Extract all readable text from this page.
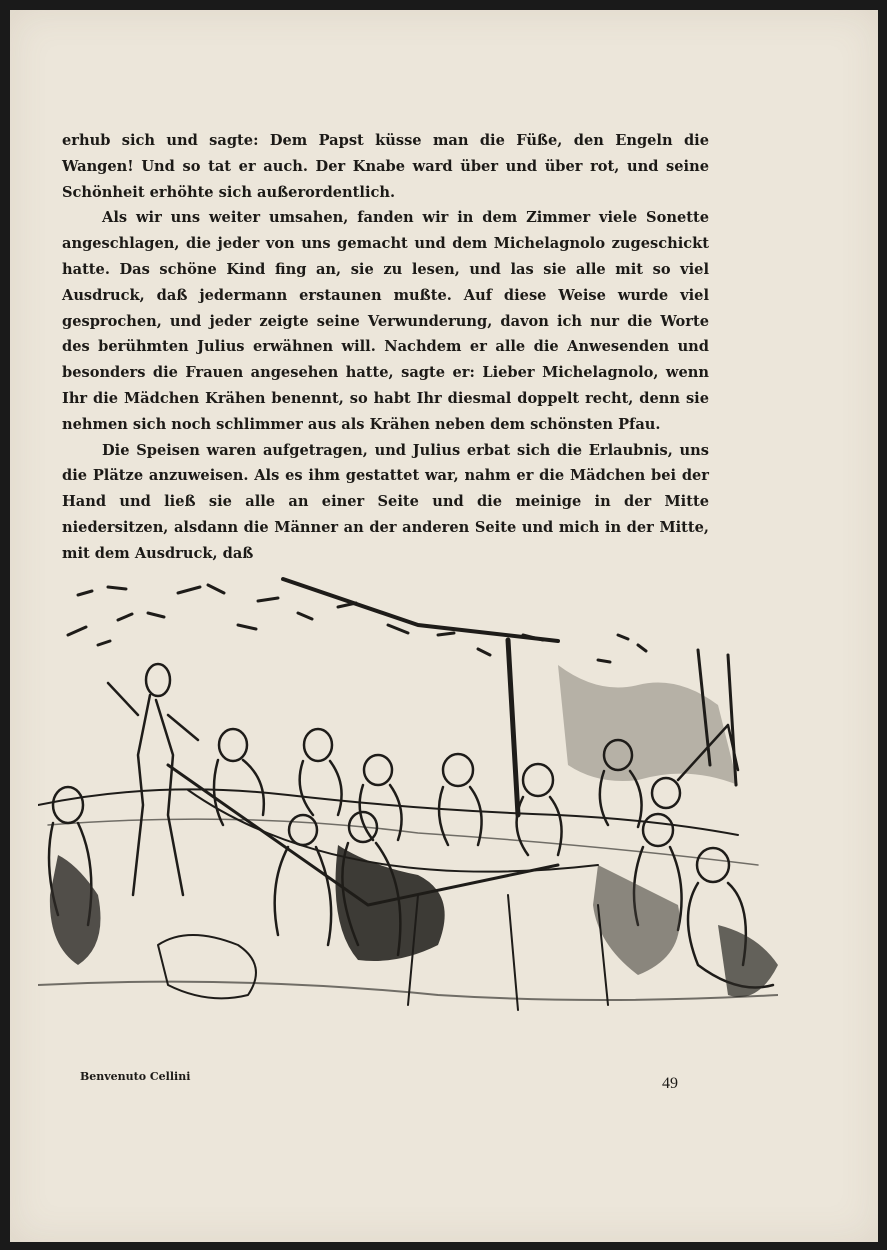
erhub sich und sagte: Dem Papst küsse man die Füße, den Engeln die Wangen! Und so tat er auch. Der Knabe ward über und über rot, und seine Schönheit erhöhte sich außerordentlich.

Als wir uns weiter umsahen, fanden wir in dem Zimmer viele Sonette angeschlagen, die jeder von uns gemacht und dem Michelagnolo zugeschickt hatte. Das schöne Kind fing an, sie zu lesen, und las sie alle mit so viel Ausdruck, daß jedermann erstaunen mußte. Auf diese Weise wurde viel gesprochen, und jeder zeigte seine Verwunderung, davon ich nur die Worte des berühmten Julius erwähnen will. Nachdem er alle die Anwesenden und besonders die Frauen angesehen hatte, sagte er: Lieber Michelagnolo, wenn Ihr die Mädchen Krähen benennt, so habt Ihr diesmal doppelt recht, denn sie nehmen sich noch schlimmer aus als Krähen neben dem schönsten Pfau.

Die Speisen waren aufgetragen, und Julius erbat sich die Erlaubnis, uns die Plätze anzuweisen. Als es ihm gestattet war, nahm er die Mädchen bei der Hand und ließ sie alle an einer Seite und die meinige in der Mitte niedersitzen, alsdann die Männer an der anderen Seite und mich in der Mitte, mit dem Ausdruck, daß

Benvenuto Cellini	49
